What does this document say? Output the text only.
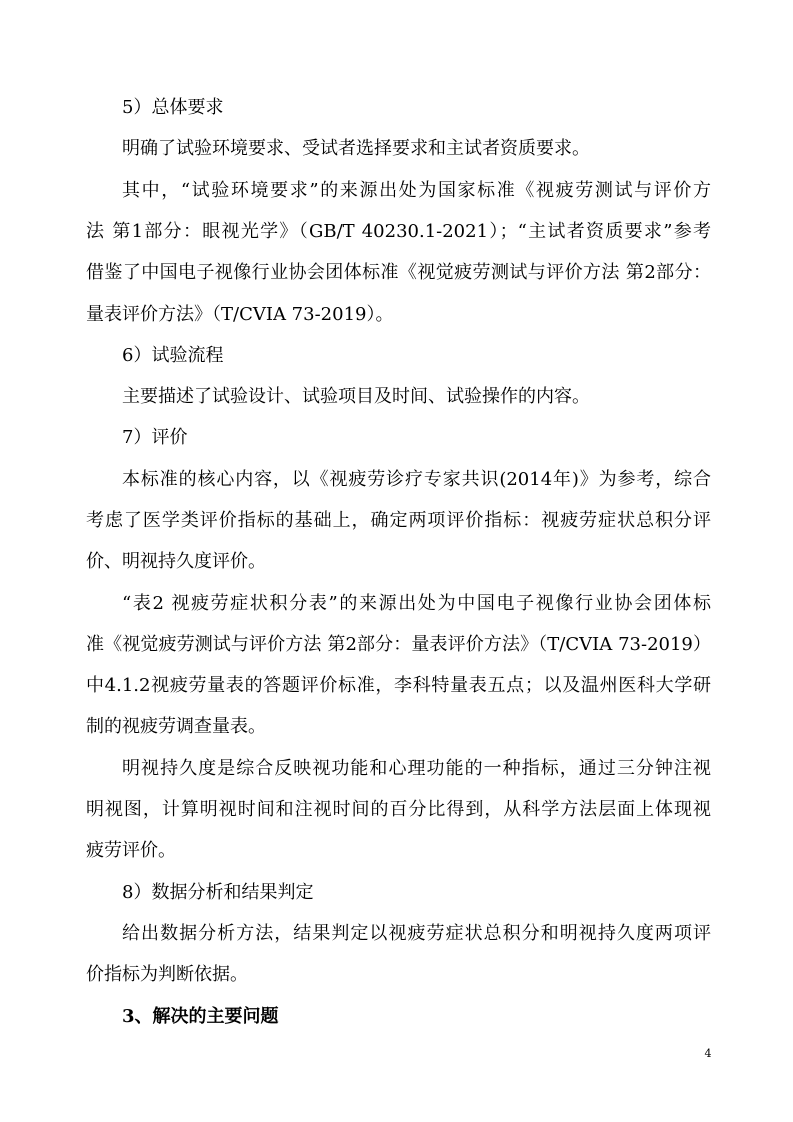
5）总体要求
明确了试验环境要求、受试者选择要求和主试者资质要求。
其中，“试验环境要求”的来源出处为国家标准《视疲劳测试与评价方
法 第1部分：眼视光学》（GB/T 40230.1-2021）；“主试者资质要求”参考
借鉴了中国电子视像行业协会团体标准《视觉疲劳测试与评价方法 第2部分：
量表评价方法》（T/CVIA 73-2019）。
6）试验流程
主要描述了试验设计、试验项目及时间、试验操作的内容。
7）评价
本标准的核心内容，以《视疲劳诊疗专家共识(2014年)》为参考，综合
考虑了医学类评价指标的基础上，确定两项评价指标：视疲劳症状总积分评
价、明视持久度评价。
“表2 视疲劳症状积分表”的来源出处为中国电子视像行业协会团体标
准《视觉疲劳测试与评价方法 第2部分：量表评价方法》（T/CVIA 73-2019）
中4.1.2视疲劳量表的答题评价标准，李科特量表五点；以及温州医科大学研
制的视疲劳调查量表。
明视持久度是综合反映视功能和心理功能的一种指标，通过三分钟注视
明视图，计算明视时间和注视时间的百分比得到，从科学方法层面上体现视
疲劳评价。
8）数据分析和结果判定
给出数据分析方法，结果判定以视疲劳症状总积分和明视持久度两项评
价指标为判断依据。
3、解决的主要问题
4
